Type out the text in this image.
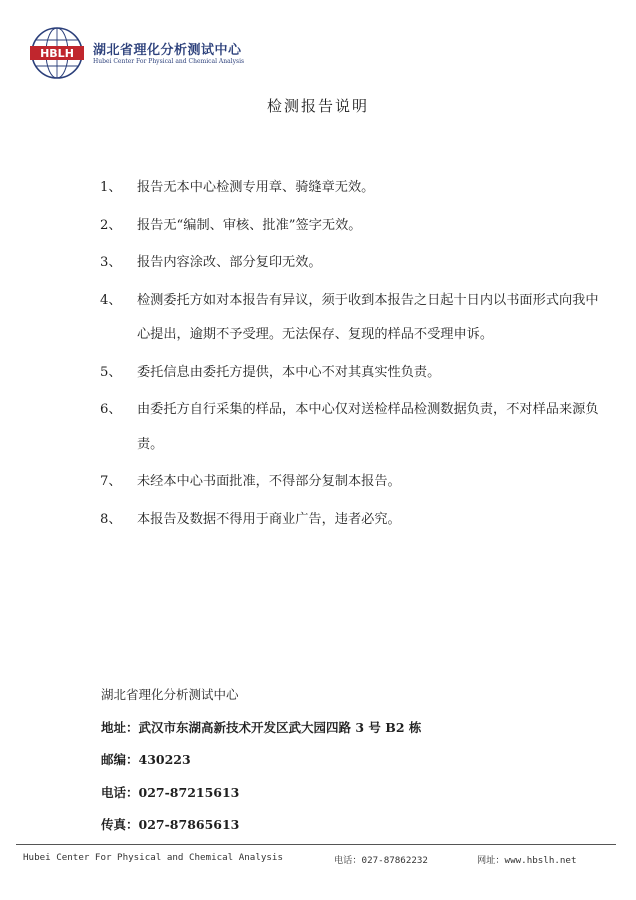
HBLH 湖北省理化分析测试中心
Hubei Center For Physical and Chemical Analysis
检测报告说明
1、 报告无本中心检测专用章、骑缝章无效。
2、 报告无“编制、审核、批准”签字无效。
3、 报告内容涂改、部分复印无效。
4、 检测委托方如对本报告有异议，须于收到本报告之日起十日内以书面形式向我中心提出，逾期不予受理。无法保存、复现的样品不受理申诉。
5、 委托信息由委托方提供，本中心不对其真实性负责。
6、 由委托方自行采集的样品，本中心仅对送检样品检测数据负责，不对样品来源负责。
7、 未经本中心书面批准，不得部分复制本报告。
8、 本报告及数据不得用于商业广告，违者必究。
湖北省理化分析测试中心
地址：武汉市东湖高新技术开发区武大园四路 3 号 B2 栋
邮编：430223
电话：027-87215613
传真：027-87865613
Hubei Center For Physical and Chemical Analysis	电话：027-87862232	网址：www.hbslh.net
